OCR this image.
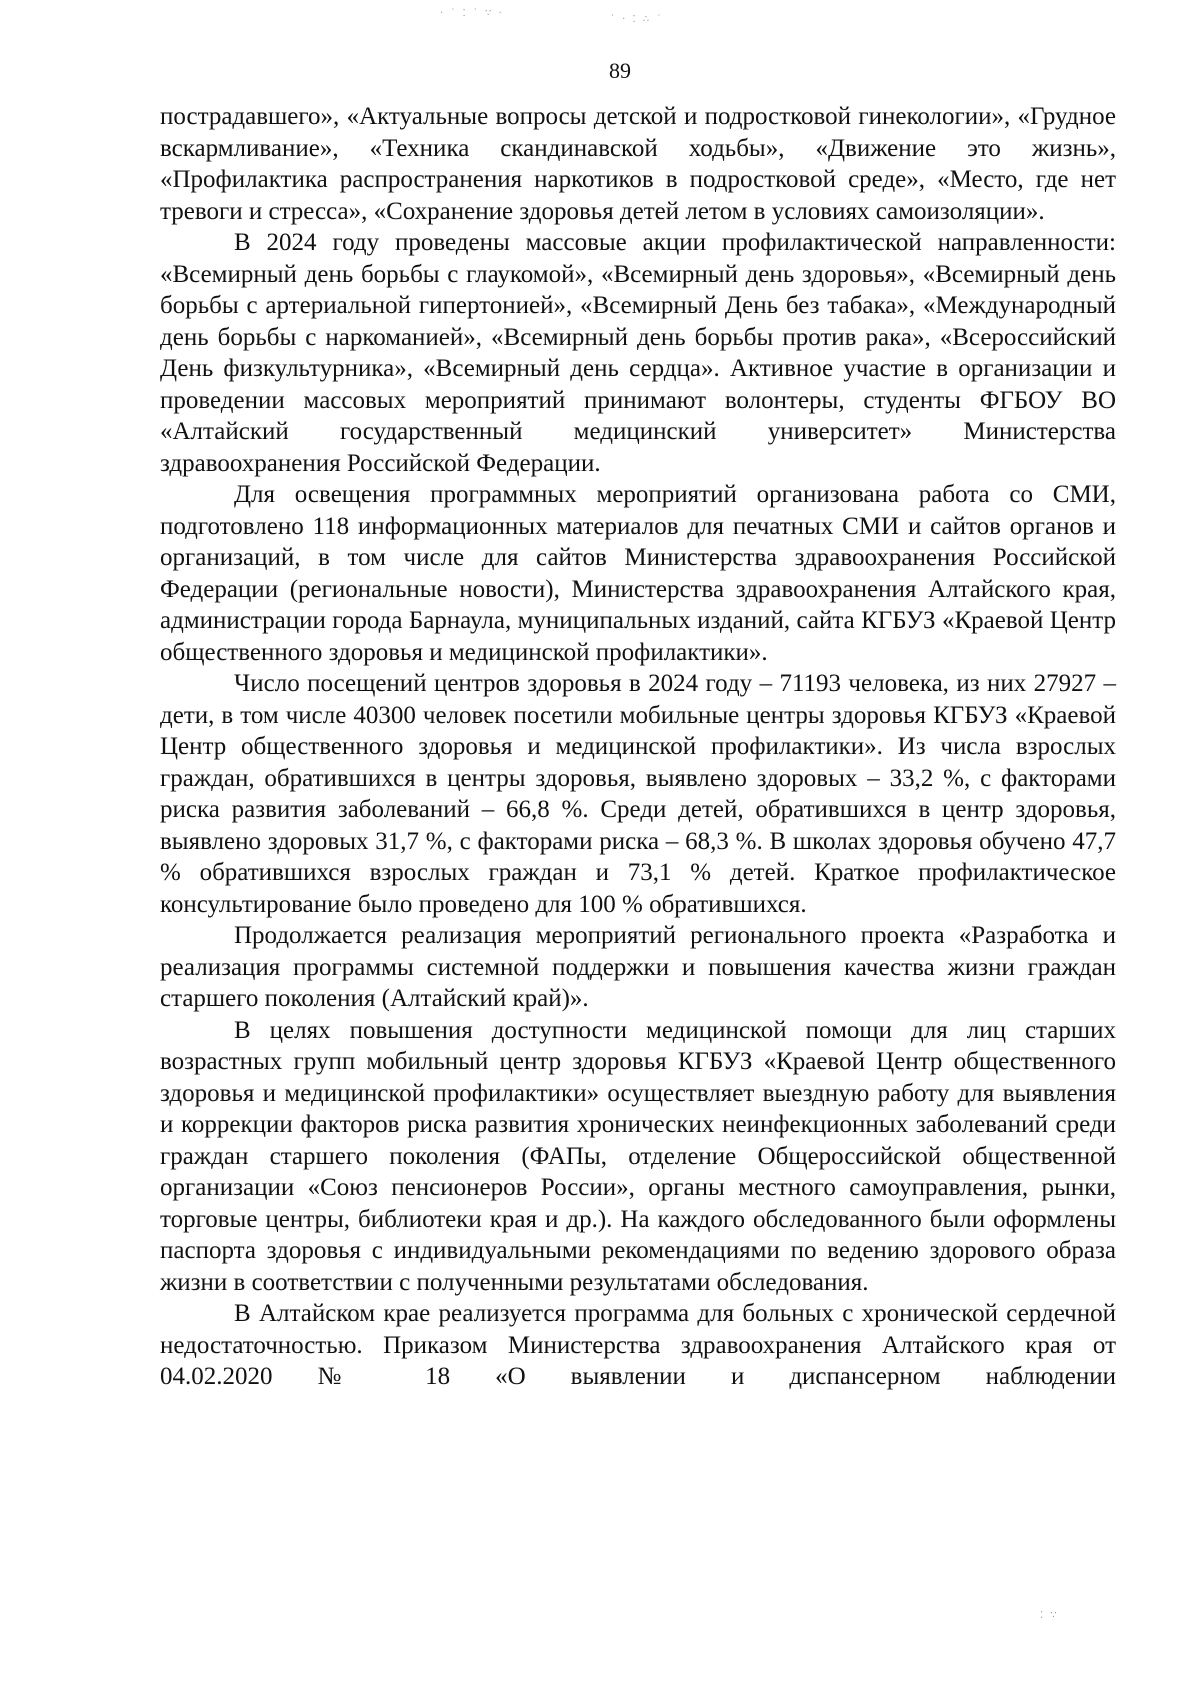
· ˙ ⁚ ˙ ∵ ·
˙ · ⁚ ∴ ˙
⁚ ∵
89

пострадавшего», «Актуальные вопросы детской и подростковой гинекологии», «Грудное вскармливание», «Техника скандинавской ходьбы», «Движение это жизнь», «Профилактика распространения наркотиков в подростковой среде», «Место, где нет тревоги и стресса», «Сохранение здоровья детей летом в условиях самоизоляции».

В 2024 году проведены массовые акции профилактической направленности: «Всемирный день борьбы с глаукомой», «Всемирный день здоровья», «Всемирный день борьбы с артериальной гипертонией», «Всемирный День без табака», «Международный день борьбы с наркоманией», «Всемирный день борьбы против рака», «Всероссийский День физкультурника», «Всемирный день сердца». Активное участие в организации и проведении массовых мероприятий принимают волонтеры, студенты ФГБОУ ВО «Алтайский государственный медицинский университет» Министерства здравоохранения Российской Федерации.

Для освещения программных мероприятий организована работа со СМИ, подготовлено 118 информационных материалов для печатных СМИ и сайтов органов и организаций, в том числе для сайтов Министерства здравоохранения Российской Федерации (региональные новости), Министерства здравоохранения Алтайского края, администрации города Барнаула, муниципальных изданий, сайта КГБУЗ «Краевой Центр общественного здоровья и медицинской профилактики».

Число посещений центров здоровья в 2024 году – 71193 человека, из них 27927 – дети, в том числе 40300 человек посетили мобильные центры здоровья КГБУЗ «Краевой Центр общественного здоровья и медицинской профилактики». Из числа взрослых граждан, обратившихся в центры здоровья, выявлено здоровых – 33,2 %, с факторами риска развития заболеваний – 66,8 %. Среди детей, обратившихся в центр здоровья, выявлено здоровых 31,7 %, с факторами риска – 68,3 %. В школах здоровья обучено 47,7 % обратившихся взрослых граждан и 73,1 % детей. Краткое профилактическое консультирование было проведено для 100 % обратившихся.

Продолжается реализация мероприятий регионального проекта «Разработка и реализация программы системной поддержки и повышения качества жизни граждан старшего поколения (Алтайский край)».

В целях повышения доступности медицинской помощи для лиц старших возрастных групп мобильный центр здоровья КГБУЗ «Краевой Центр общественного здоровья и медицинской профилактики» осуществляет выездную работу для выявления и коррекции факторов риска развития хронических неинфекционных заболеваний среди граждан старшего поколения (ФАПы, отделение Общероссийской общественной организации «Союз пенсионеров России», органы местного самоуправления, рынки, торговые центры, библиотеки края и др.). На каждого обследованного были оформлены паспорта здоровья с индивидуальными рекомендациями по ведению здорового образа жизни в соответствии с полученными результатами обследования.

В Алтайском крае реализуется программа для больных с хронической сердечной недостаточностью. Приказом Министерства здравоохранения Алтайского края от 04.02.2020 № 18 «О выявлении и диспансерном наблюдении
